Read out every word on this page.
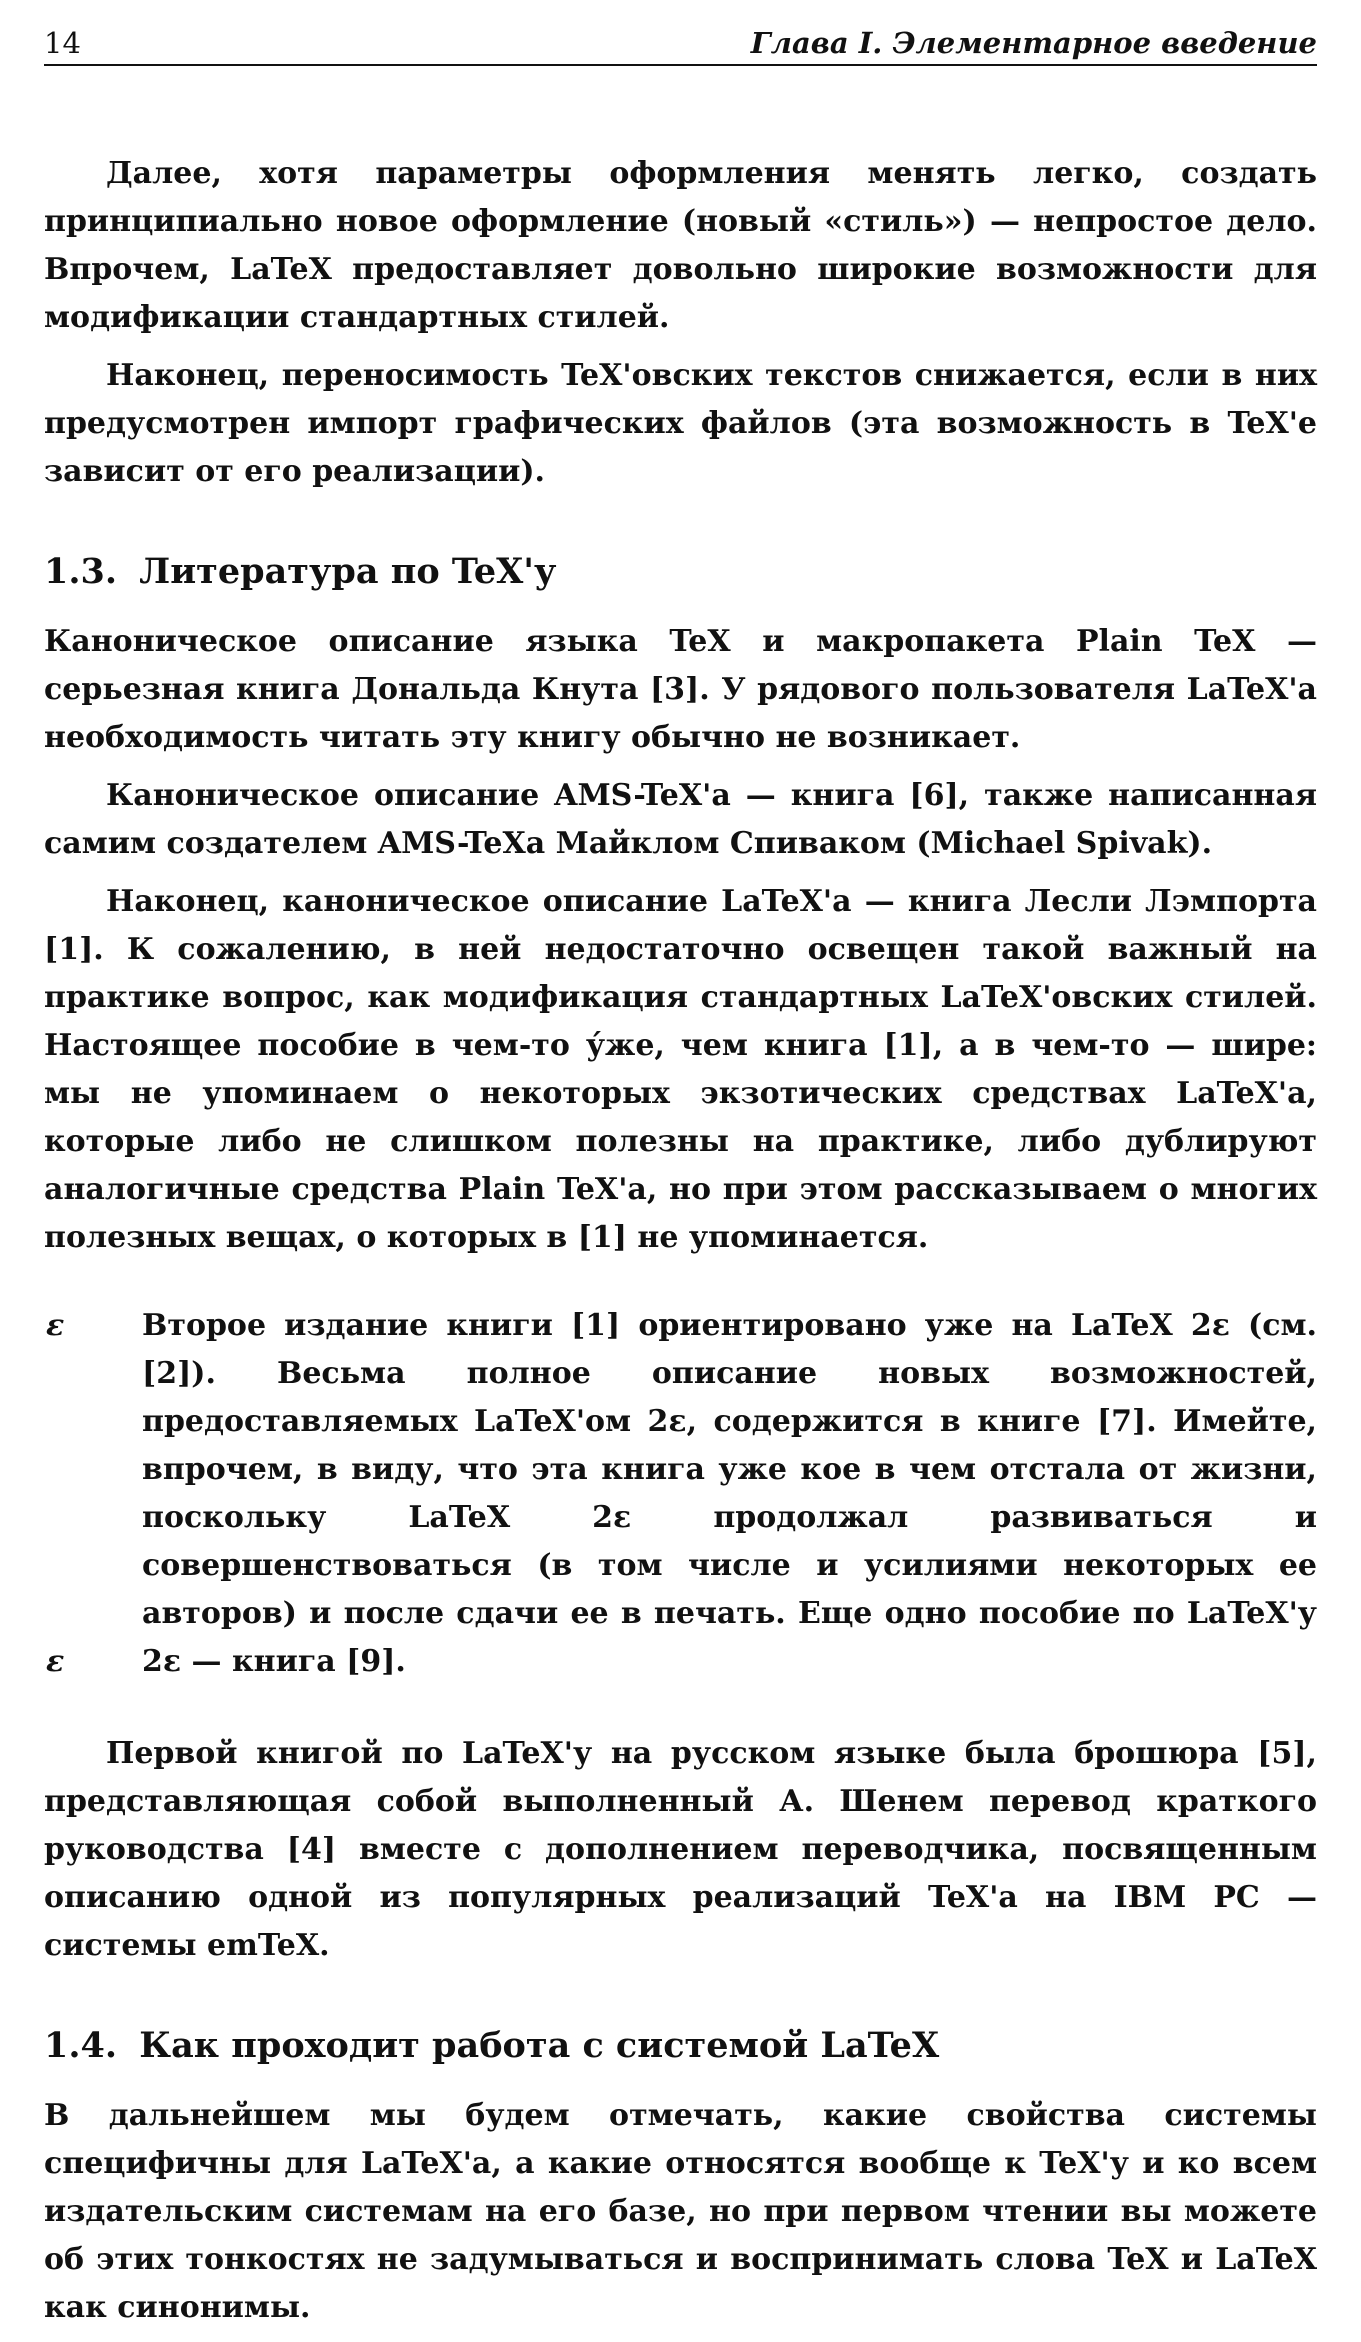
14	Глава I. Элементарное введение

Далее, хотя параметры оформления менять легко, создать принципиально новое оформление (новый «стиль») — непростое дело. Впрочем, LaTeX предоставляет довольно широкие возможности для модификации стандартных стилей.

Наконец, переносимость TeX'овских текстов снижается, если в них предусмотрен импорт графических файлов (эта возможность в TeX'е зависит от его реализации).

1.3. Литература по TeX'у

Каноническое описание языка TeX и макропакета Plain TeX — серьезная книга Дональда Кнута [3]. У рядового пользователя LaTeX'а необходимость читать эту книгу обычно не возникает.

Каноническое описание AMS-TeX'а — книга [6], также написанная самим создателем AMS-TeXа Майклом Спиваком (Michael Spivak).

Наконец, каноническое описание LaTeX'а — книга Лесли Лэмпорта [1]. К сожалению, в ней недостаточно освещен такой важный на практике вопрос, как модификация стандартных LaTeX'овских стилей. Настоящее пособие в чем-то у́же, чем книга [1], а в чем-то — шире: мы не упоминаем о некоторых экзотических средствах LaTeX'а, которые либо не слишком полезны на практике, либо дублируют аналогичные средства Plain TeX'а, но при этом рассказываем о многих полезных вещах, о которых в [1] не упоминается.

ε
ε
Второе издание книги [1] ориентировано уже на LaTeX 2ε (см. [2]). Весьма полное описание новых возможностей, предоставляемых LaTeX'ом 2ε, содержится в книге [7]. Имейте, впрочем, в виду, что эта книга уже кое в чем отстала от жизни, поскольку LaTeX 2ε продолжал развиваться и совершенствоваться (в том числе и усилиями некоторых ее авторов) и после сдачи ее в печать. Еще одно пособие по LaTeX'у 2ε — книга [9].

Первой книгой по LaTeX'у на русском языке была брошюра [5], представляющая собой выполненный А. Шенем перевод краткого руководства [4] вместе с дополнением переводчика, посвященным описанию одной из популярных реализаций TeX'а на IBM PC — системы emTeX.

1.4. Как проходит работа с системой LaTeX

В дальнейшем мы будем отмечать, какие свойства системы специфичны для LaTeX'а, а какие относятся вообще к TeX'у и ко всем издательским системам на его базе, но при первом чтении вы можете об этих тонкостях не задумываться и воспринимать слова TeX и LaTeX как синонимы.
